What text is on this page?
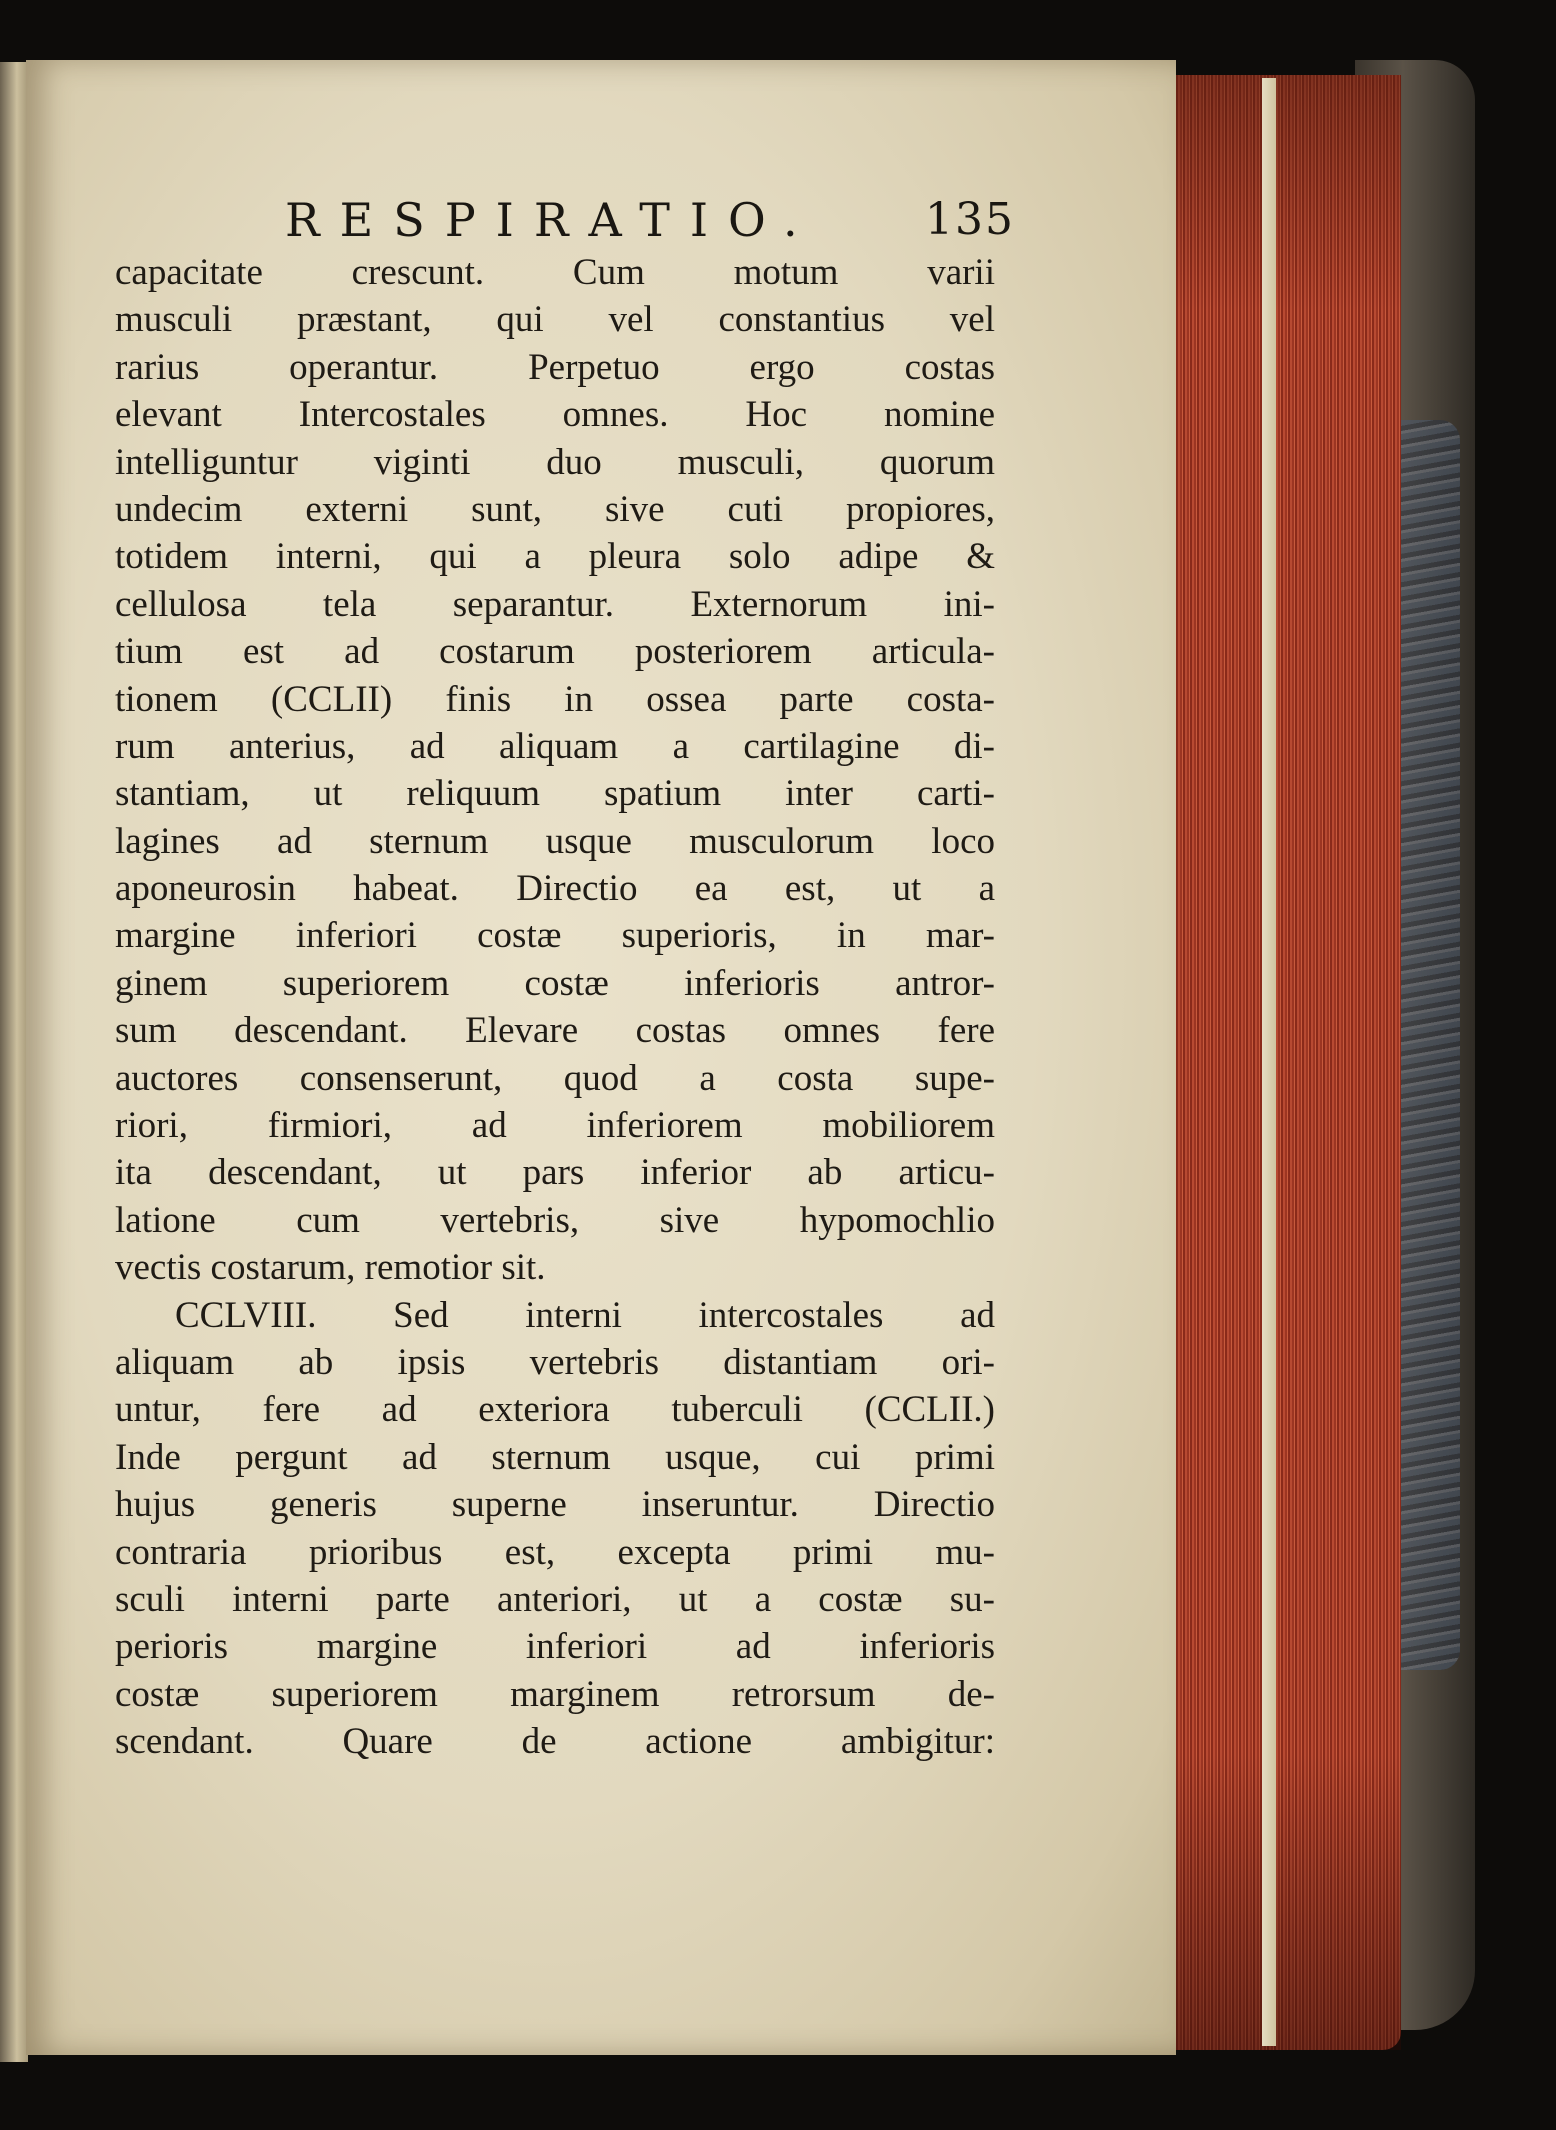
RESPIRATIO. 135
capacitate crescunt. Cum motum varii
musculi præstant, qui vel constantius vel
rarius operantur. Perpetuo ergo costas
elevant Intercostales omnes. Hoc nomine
intelliguntur viginti duo musculi, quorum
undecim externi sunt, sive cuti propiores,
totidem interni, qui a pleura solo adipe &
cellulosa tela separantur. Externorum ini-
tium est ad costarum posteriorem articula-
tionem (CCLII) finis in ossea parte costa-
rum anterius, ad aliquam a cartilagine di-
stantiam, ut reliquum spatium inter carti-
lagines ad sternum usque musculorum loco
aponeurosin habeat. Directio ea est, ut a
margine inferiori costæ superioris, in mar-
ginem superiorem costæ inferioris antror-
sum descendant. Elevare costas omnes fere
auctores consenserunt, quod a costa supe-
riori, firmiori, ad inferiorem mobiliorem
ita descendant, ut pars inferior ab articu-
latione cum vertebris, sive hypomochlio
vectis costarum, remotior sit.
CCLVIII. Sed interni intercostales ad
aliquam ab ipsis vertebris distantiam ori-
untur, fere ad exteriora tuberculi (CCLII.)
Inde pergunt ad sternum usque, cui primi
hujus generis superne inseruntur. Directio
contraria prioribus est, excepta primi mu-
sculi interni parte anteriori, ut a costæ su-
perioris margine inferiori ad inferioris
costæ superiorem marginem retrorsum de-
scendant. Quare de actione ambigitur:
